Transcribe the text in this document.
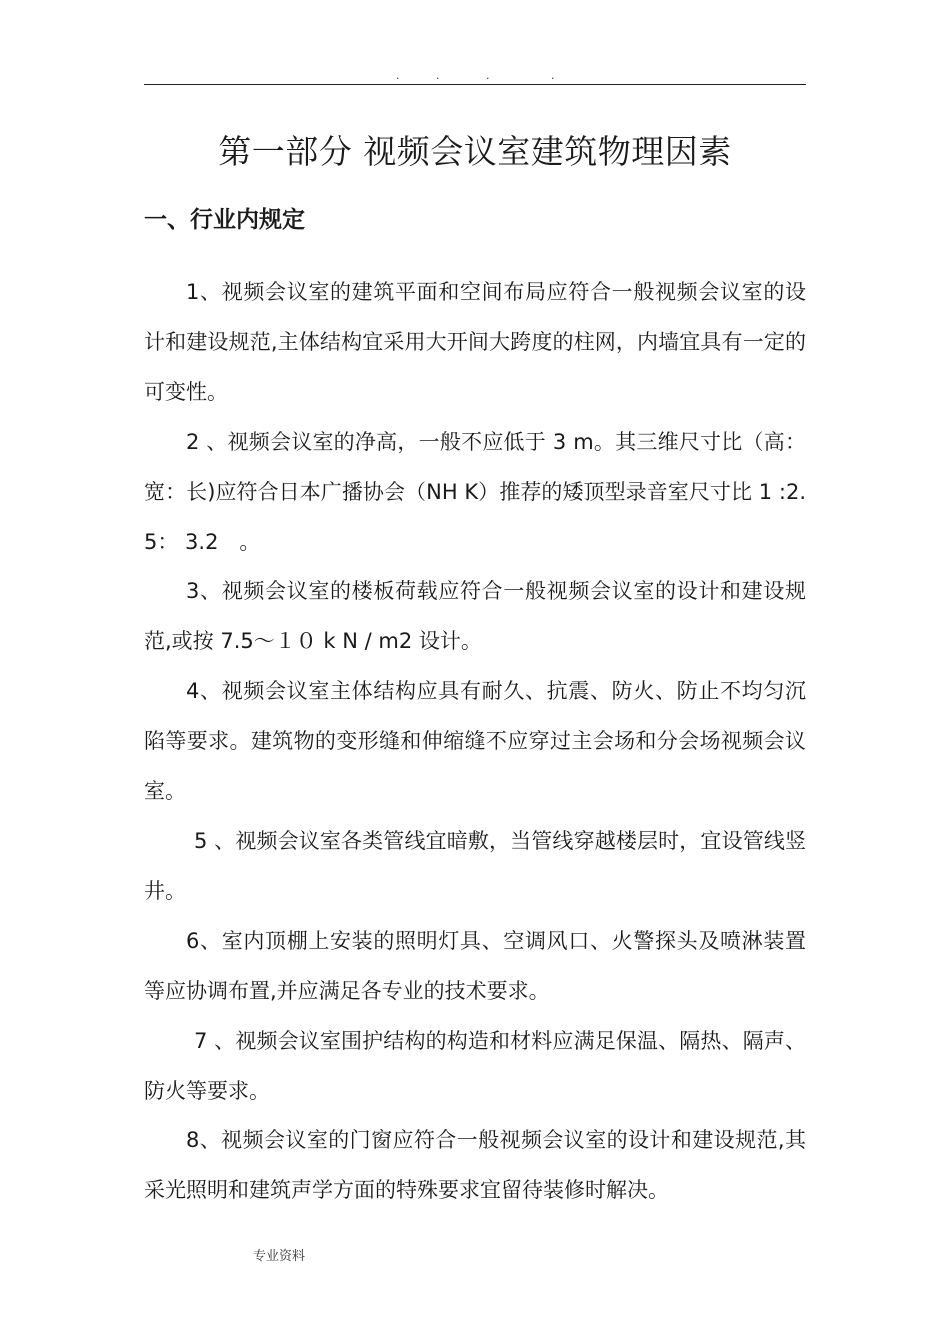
.	.	.	.
第一部分 视频会议室建筑物理因素
一、行业内规定

1、视频会议室的建筑平面和空间布局应符合一般视频会议室的设计和建设规范,主体结构宜采用大开间大跨度的柱网，内墙宜具有一定的可变性。

2 、视频会议室的净高，一般不应低于 3 m。其三维尺寸比（高：宽：长)应符合日本广播协会（NH K）推荐的矮顶型录音室尺寸比 1 :2. 5： 3.2　。

3、视频会议室的楼板荷载应符合一般视频会议室的设计和建设规范,或按 7.5～１０ k N / m2 设计。

4、视频会议室主体结构应具有耐久、抗震、防火、防止不均匀沉陷等要求。建筑物的变形缝和伸缩缝不应穿过主会场和分会场视频会议室。

5 、视频会议室各类管线宜暗敷，当管线穿越楼层时，宜设管线竖井。

6、室内顶棚上安装的照明灯具、空调风口、火警探头及喷淋装置等应协调布置,并应满足各专业的技术要求。

7 、视频会议室围护结构的构造和材料应满足保温、隔热、隔声、防火等要求。

8、视频会议室的门窗应符合一般视频会议室的设计和建设规范,其采光照明和建筑声学方面的特殊要求宜留待装修时解决。

专业资料
